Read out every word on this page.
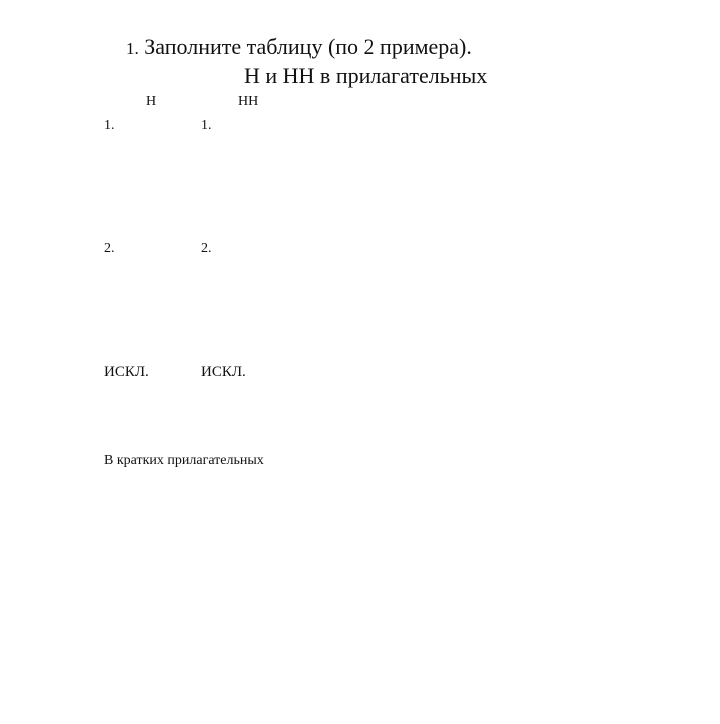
1. Заполните таблицу (по 2 примера).
Н и НН в прилагательных
Н	НН
1.	1.
2.	2.
ИСКЛ.	ИСКЛ.
В кратких прилагательных
